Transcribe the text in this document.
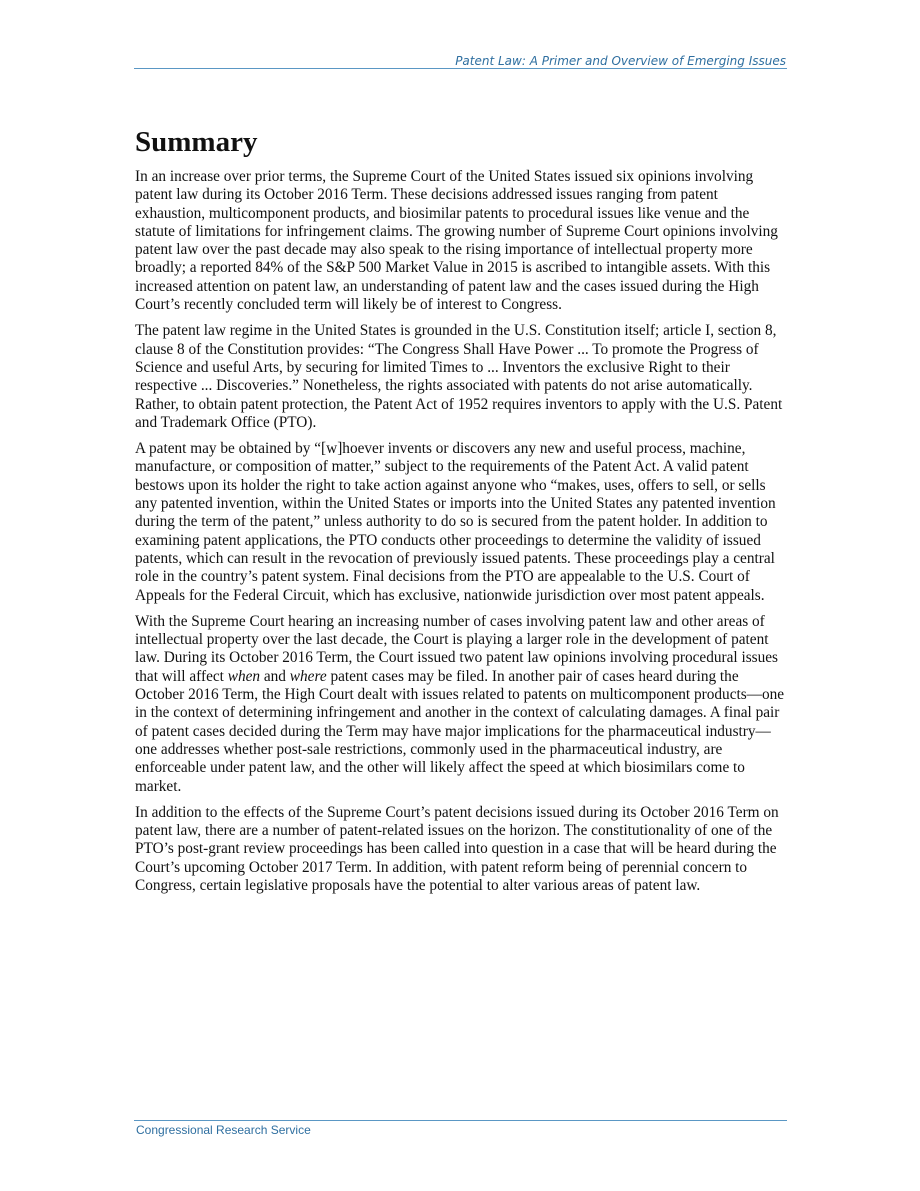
Patent Law: A Primer and Overview of Emerging Issues
Summary

In an increase over prior terms, the Supreme Court of the United States issued six opinions involving patent law during its October 2016 Term. These decisions addressed issues ranging from patent exhaustion, multicomponent products, and biosimilar patents to procedural issues like venue and the statute of limitations for infringement claims. The growing number of Supreme Court opinions involving patent law over the past decade may also speak to the rising importance of intellectual property more broadly; a reported 84% of the S&P 500 Market Value in 2015 is ascribed to intangible assets. With this increased attention on patent law, an understanding of patent law and the cases issued during the High Court’s recently concluded term will likely be of interest to Congress.

The patent law regime in the United States is grounded in the U.S. Constitution itself; article I, section 8, clause 8 of the Constitution provides: “The Congress Shall Have Power ... To promote the Progress of Science and useful Arts, by securing for limited Times to ... Inventors the exclusive Right to their respective ... Discoveries.” Nonetheless, the rights associated with patents do not arise automatically. Rather, to obtain patent protection, the Patent Act of 1952 requires inventors to apply with the U.S. Patent and Trademark Office (PTO).

A patent may be obtained by “[w]hoever invents or discovers any new and useful process, machine, manufacture, or composition of matter,” subject to the requirements of the Patent Act. A valid patent bestows upon its holder the right to take action against anyone who “makes, uses, offers to sell, or sells any patented invention, within the United States or imports into the United States any patented invention during the term of the patent,” unless authority to do so is secured from the patent holder. In addition to examining patent applications, the PTO conducts other proceedings to determine the validity of issued patents, which can result in the revocation of previously issued patents. These proceedings play a central role in the country’s patent system. Final decisions from the PTO are appealable to the U.S. Court of Appeals for the Federal Circuit, which has exclusive, nationwide jurisdiction over most patent appeals.

With the Supreme Court hearing an increasing number of cases involving patent law and other areas of intellectual property over the last decade, the Court is playing a larger role in the development of patent law. During its October 2016 Term, the Court issued two patent law opinions involving procedural issues that will affect when and where patent cases may be filed. In another pair of cases heard during the October 2016 Term, the High Court dealt with issues related to patents on multicomponent products—one in the context of determining infringement and another in the context of calculating damages. A final pair of patent cases decided during the Term may have major implications for the pharmaceutical industry—one addresses whether post-sale restrictions, commonly used in the pharmaceutical industry, are enforceable under patent law, and the other will likely affect the speed at which biosimilars come to market.

In addition to the effects of the Supreme Court’s patent decisions issued during its October 2016 Term on patent law, there are a number of patent-related issues on the horizon. The constitutionality of one of the PTO’s post-grant review proceedings has been called into question in a case that will be heard during the Court’s upcoming October 2017 Term. In addition, with patent reform being of perennial concern to Congress, certain legislative proposals have the potential to alter various areas of patent law.

Congressional Research Service
